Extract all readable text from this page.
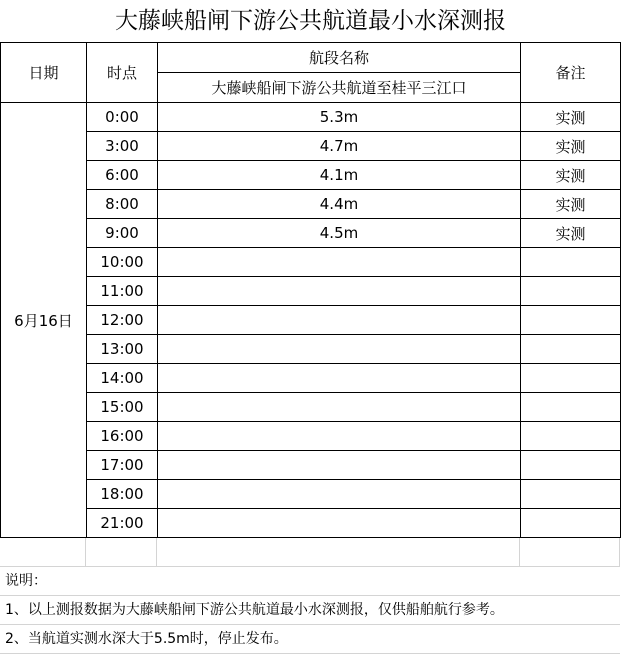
大藤峡船闸下游公共航道最小水深测报
日期	时点	航段名称	备注
		大藤峡船闸下游公共航道至桂平三江口	
6月16日	0:00	5.3m	实测
	3:00	4.7m	实测
	6:00	4.1m	实测
	8:00	4.4m	实测
	9:00	4.5m	实测
	10:00		
	11:00		
	12:00		
	13:00		
	14:00		
	15:00		
	16:00		
	17:00		
	18:00		
	21:00		
说明：
1、以上测报数据为大藤峡船闸下游公共航道最小水深测报，仅供船舶航行参考。
2、当航道实测水深大于5.5m时，停止发布。
